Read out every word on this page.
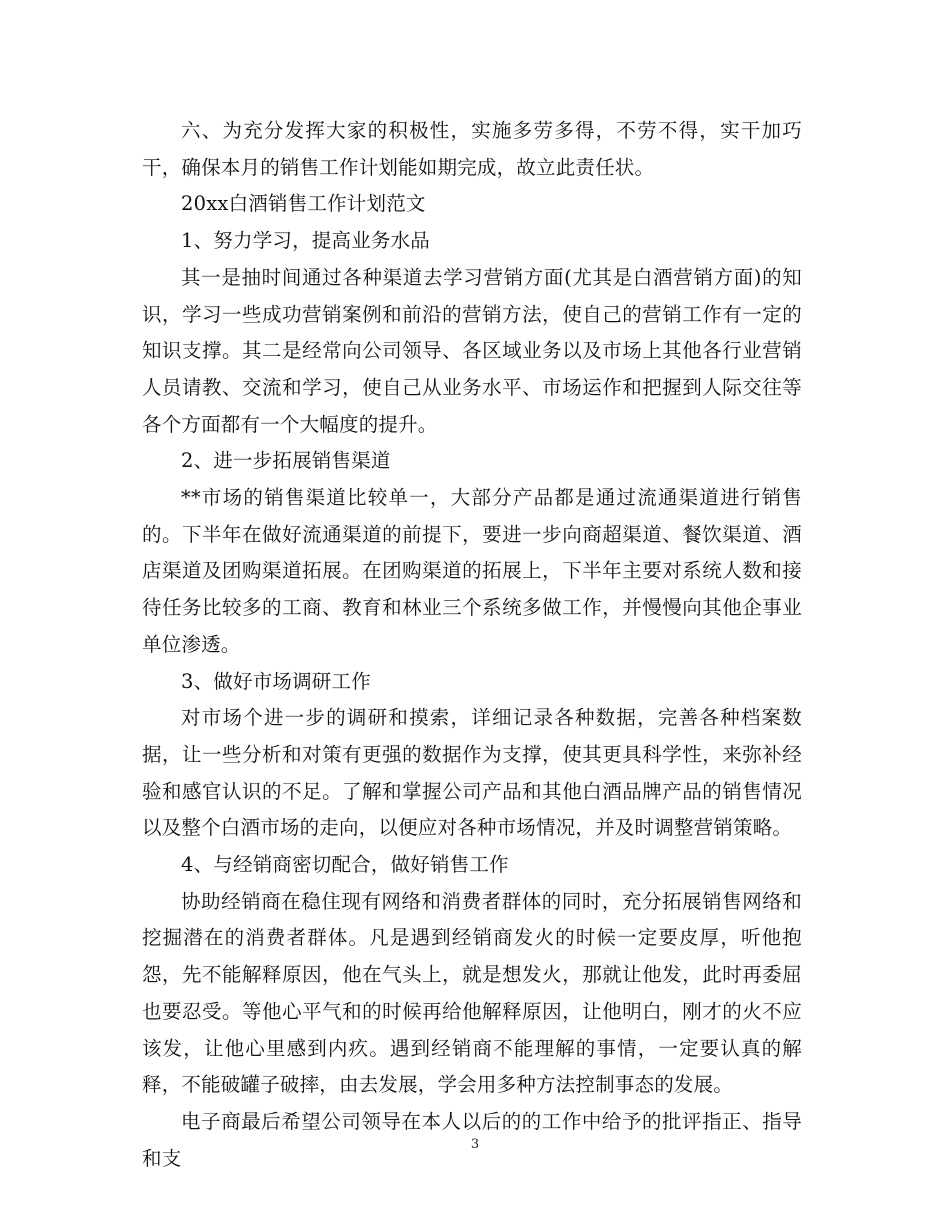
六、为充分发挥大家的积极性，实施多劳多得，不劳不得，实干加巧干，确保本月的销售工作计划能如期完成，故立此责任状。

20xx白酒销售工作计划范文

1、努力学习，提高业务水品

其一是抽时间通过各种渠道去学习营销方面(尤其是白酒营销方面)的知识，学习一些成功营销案例和前沿的营销方法，使自己的营销工作有一定的知识支撑。其二是经常向公司领导、各区域业务以及市场上其他各行业营销人员请教、交流和学习，使自己从业务水平、市场运作和把握到人际交往等各个方面都有一个大幅度的提升。

2、进一步拓展销售渠道

**市场的销售渠道比较单一，大部分产品都是通过流通渠道进行销售的。下半年在做好流通渠道的前提下，要进一步向商超渠道、餐饮渠道、酒店渠道及团购渠道拓展。在团购渠道的拓展上，下半年主要对系统人数和接待任务比较多的工商、教育和林业三个系统多做工作，并慢慢向其他企事业单位渗透。

3、做好市场调研工作

对市场个进一步的调研和摸索，详细记录各种数据，完善各种档案数据，让一些分析和对策有更强的数据作为支撑，使其更具科学性，来弥补经验和感官认识的不足。了解和掌握公司产品和其他白酒品牌产品的销售情况以及整个白酒市场的走向，以便应对各种市场情况，并及时调整营销策略。

4、与经销商密切配合，做好销售工作

协助经销商在稳住现有网络和消费者群体的同时，充分拓展销售网络和挖掘潜在的消费者群体。凡是遇到经销商发火的时候一定要皮厚，听他抱怨，先不能解释原因，他在气头上，就是想发火，那就让他发，此时再委屈也要忍受。等他心平气和的时候再给他解释原因，让他明白，刚才的火不应该发，让他心里感到内疚。遇到经销商不能理解的事情，一定要认真的解释，不能破罐子破摔，由去发展，学会用多种方法控制事态的发展。

电子商最后希望公司领导在本人以后的的工作中给予的批评指正、指导和支

3
